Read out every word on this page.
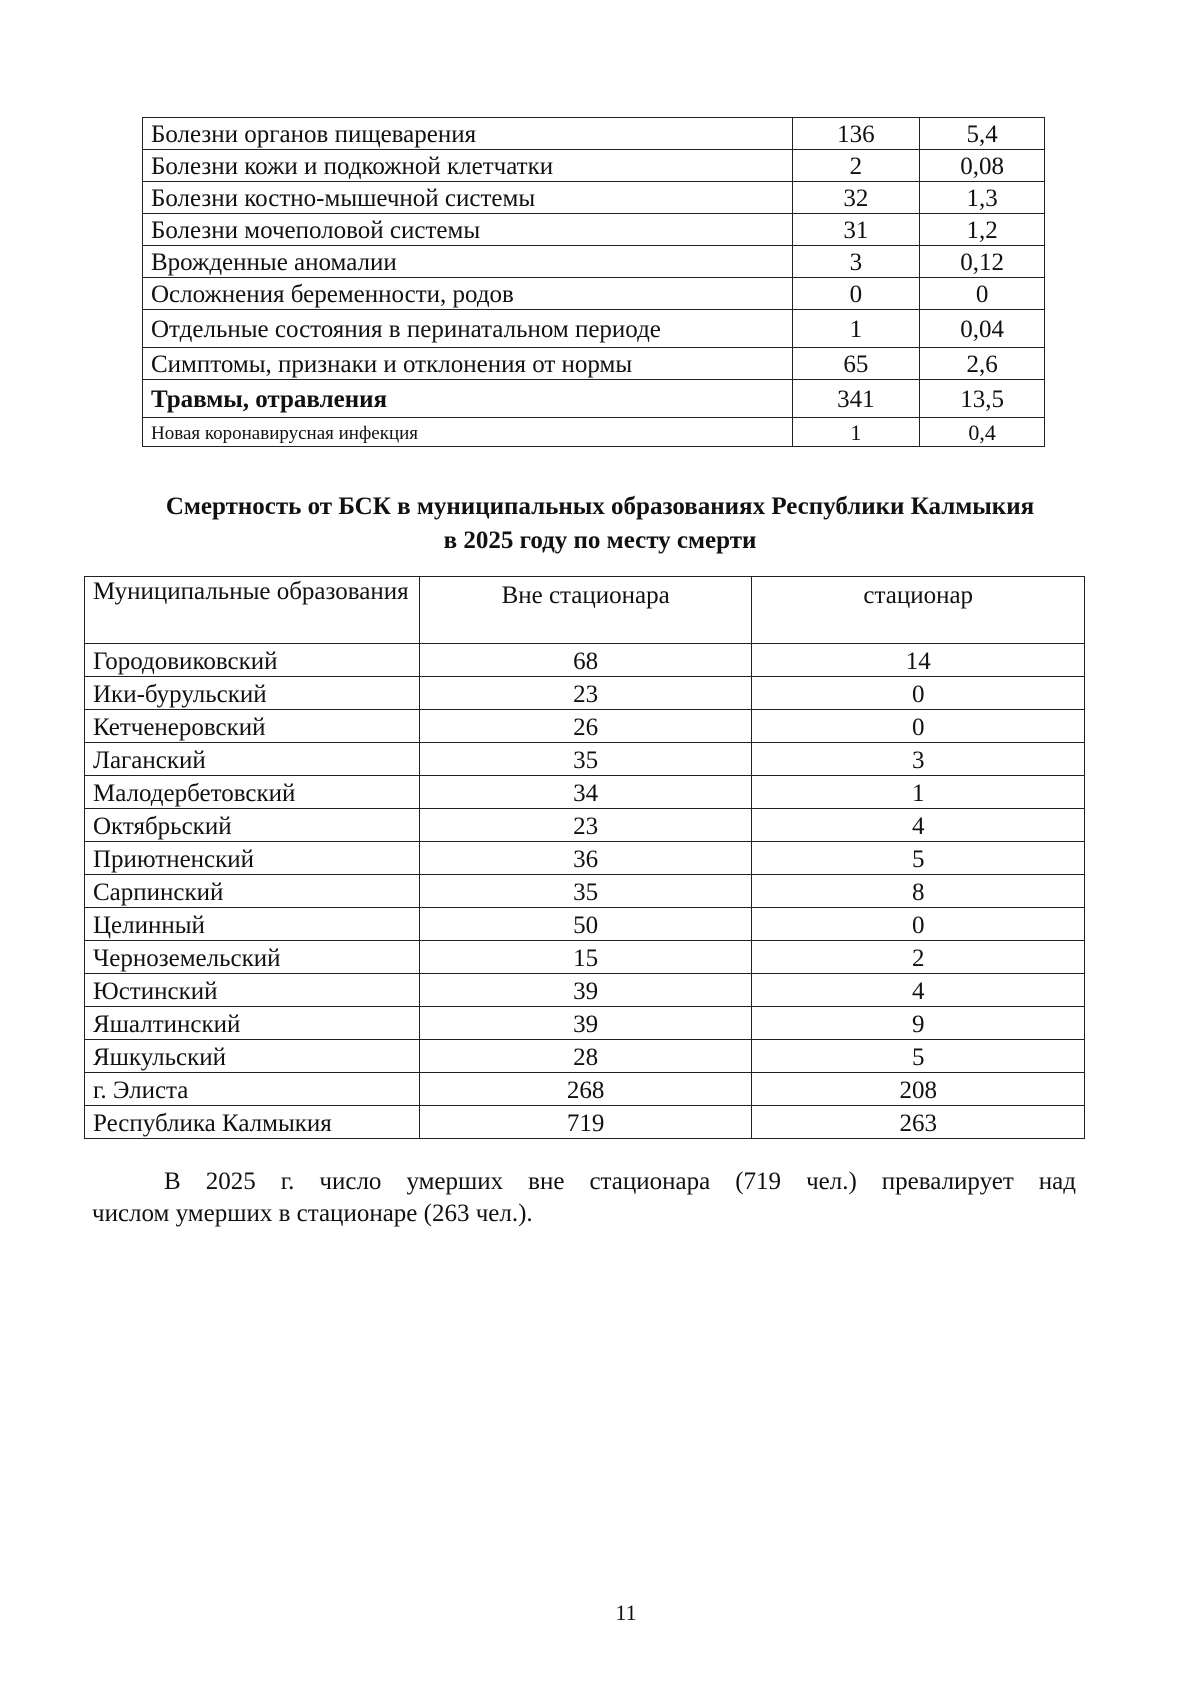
Болезни органов пищеварения	136	5,4
Болезни кожи и подкожной клетчатки	2	0,08
Болезни костно-мышечной системы	32	1,3
Болезни мочеполовой системы	31	1,2
Врожденные аномалии	3	0,12
Осложнения беременности, родов	0	0
Отдельные состояния в перинатальном периоде	1	0,04
Симптомы, признаки и отклонения от нормы	65	2,6
Травмы, отравления	341	13,5
Новая коронавирусная инфекция	1	0,4
Смертность от БСК в муниципальных образованиях Республики Калмыкия
в 2025 году по месту смерти
Муниципальные образования	Вне стационара	стационар
Городовиковский	68	14
Ики-бурульский	23	0
Кетченеровский	26	0
Лаганский	35	3
Малодербетовский	34	1
Октябрьский	23	4
Приютненский	36	5
Сарпинский	35	8
Целинный	50	0
Черноземельский	15	2
Юстинский	39	4
Яшалтинский	39	9
Яшкульский	28	5
г. Элиста	268	208
Республика Калмыкия	719	263
В 2025 г. число умерших вне стационара (719 чел.) превалирует над
числом умерших в стационаре (263 чел.).
11
